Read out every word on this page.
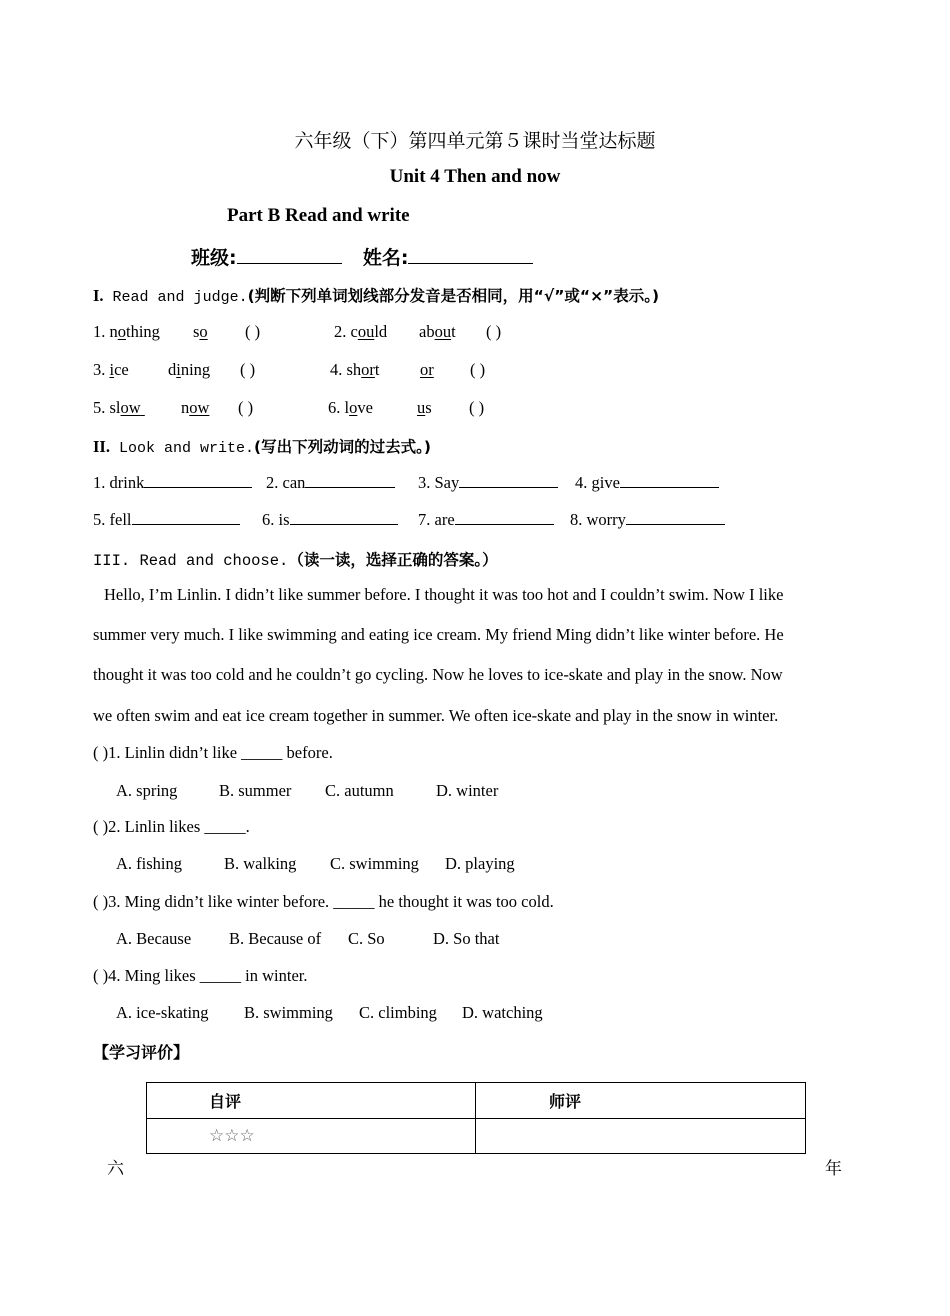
六年级（下）第四单元第５课时当堂达标题
Unit 4 Then and now
Part B Read and write
班级:	姓名:
I. Read and judge.(判断下列单词划线部分发音是否相同，用“√”或“×”表示。)
1. nothing so ( )	2. could about ( )
3. ice dining ( )	4. short or ( )
5. slow now ( )	6. love	us ( )
II. Look and write.(写出下列动词的过去式。)
1. drink	2. can	3. Say	4. give
5. fell	6. is	7. are	8. worry
III. Read and choose.（读一读，选择正确的答案。）
Hello, I’m Linlin. I didn’t like summer before. I thought it was too hot and I couldn’t swim. Now I like
summer very much. I like swimming and eating ice cream. My friend Ming didn’t like winter before. He
thought it was too cold and he couldn’t go cycling. Now he loves to ice-skate and play in the snow. Now
we often swim and eat ice cream together in summer. We often ice-skate and play in the snow in winter.
( )1. Linlin didn’t like _____ before.
A. spring	B. summer C. autumn	D. winter
( )2. Linlin likes _____.
A. fishing	B. walking C. swimming D. playing
( )3. Ming didn’t like winter before. _____ he thought it was too cold.
A. Because B. Because of C. So	D. So that
( )4. Ming likes _____ in winter.
A. ice-skating B. swimming C. climbing D. watching
【学习评价】
自评	师评
☆☆☆	
六	年
